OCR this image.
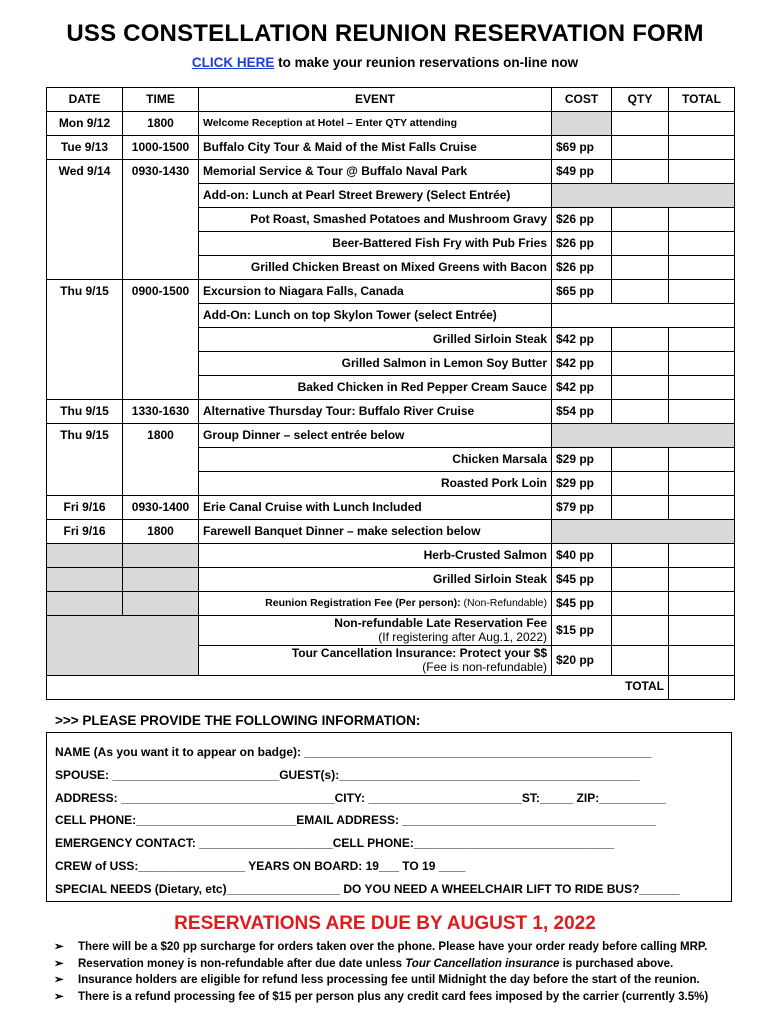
USS CONSTELLATION REUNION RESERVATION FORM
CLICK HERE to make your reunion reservations on-line now
DATE	TIME	EVENT	COST	QTY	TOTAL
Mon 9/12	1800	Welcome Reception at Hotel – Enter QTY attending			
Tue 9/13	1000-1500	Buffalo City Tour & Maid of the Mist Falls Cruise	$69 pp		
Wed 9/14	0930-1430	Memorial Service & Tour @ Buffalo Naval Park	$49 pp		
		Add-on: Lunch at Pearl Street Brewery (Select Entrée)			
		Pot Roast, Smashed Potatoes and Mushroom Gravy	$26 pp		
		Beer-Battered Fish Fry with Pub Fries	$26 pp		
		Grilled Chicken Breast on Mixed Greens with Bacon	$26 pp		
Thu 9/15	0900-1500	Excursion to Niagara Falls, Canada	$65 pp		
		Add-On: Lunch on top Skylon Tower (select Entrée)			
		Grilled Sirloin Steak	$42 pp		
		Grilled Salmon in Lemon Soy Butter	$42 pp		
		Baked Chicken in Red Pepper Cream Sauce	$42 pp		
Thu 9/15	1330-1630	Alternative Thursday Tour: Buffalo River Cruise	$54 pp		
Thu 9/15	1800	Group Dinner – select entrée below			
		Chicken Marsala	$29 pp		
		Roasted Pork Loin	$29 pp		
Fri 9/16	0930-1400	Erie Canal Cruise with Lunch Included	$79 pp		
Fri 9/16	1800	Farewell Banquet Dinner – make selection below			
		Herb-Crusted Salmon	$40 pp		
		Grilled Sirloin Steak	$45 pp		
		Reunion Registration Fee (Per person): (Non-Refundable)	$45 pp		

		Non-refundable Late Reservation Fee
(If registering after Aug.1, 2022)	$15 pp		

		Tour Cancellation Insurance: Protect your $$
(Fee is non-refundable)	$20 pp		
TOTAL					
>>> PLEASE PROVIDE THE FOLLOWING INFORMATION:
NAME (As you want it to appear on badge): ____________________________________________________
SPOUSE: _________________________GUEST(s):_____________________________________________
ADDRESS: ________________________________CITY: _______________________ST:_____ ZIP:__________
CELL PHONE:________________________EMAIL ADDRESS: ______________________________________
EMERGENCY CONTACT: ____________________CELL PHONE:______________________________
CREW of USS:________________ YEARS ON BOARD: 19___ TO 19 ____
SPECIAL NEEDS (Dietary, etc)_________________ DO YOU NEED A WHEELCHAIR LIFT TO RIDE BUS?______
RESERVATIONS ARE DUE BY AUGUST 1, 2022
➢ There will be a $20 pp surcharge for orders taken over the phone. Please have your order ready before calling MRP.
➢ Reservation money is non-refundable after due date unless Tour Cancellation insurance is purchased above.
➢ Insurance holders are eligible for refund less processing fee until Midnight the day before the start of the reunion.
➢ There is a refund processing fee of $15 per person plus any credit card fees imposed by the carrier (currently 3.5%)
